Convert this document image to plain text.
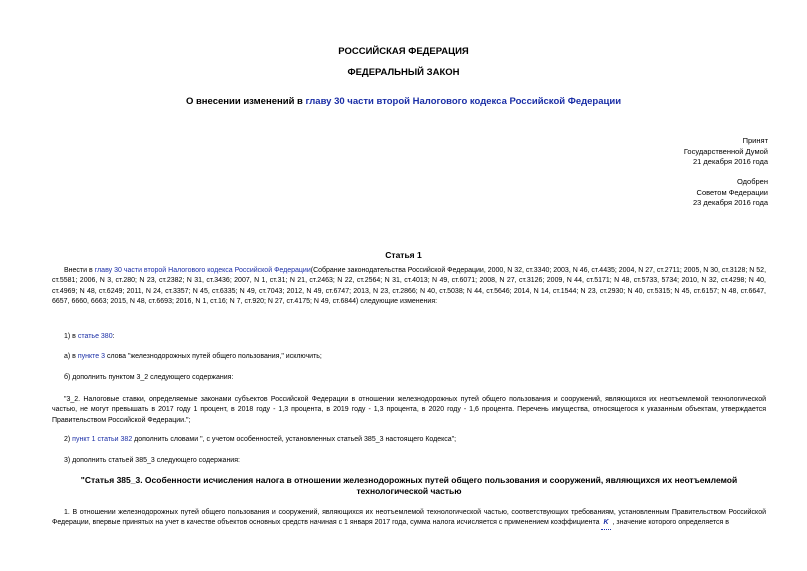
РОССИЙСКАЯ ФЕДЕРАЦИЯ
ФЕДЕРАЛЬНЫЙ ЗАКОН
О внесении изменений в главу 30 части второй Налогового кодекса Российской Федерации
Принят
Государственной Думой
21 декабря 2016 года
Одобрен
Советом Федерации
23 декабря 2016 года
Статья 1
Внести в главу 30 части второй Налогового кодекса Российской Федерации(Собрание законодательства Российской Федерации, 2000, N 32, ст.3340; 2003, N 46, ст.4435; 2004, N 27, ст.2711; 2005, N 30, ст.3128; N 52, ст.5581; 2006, N 3, ст.280; N 23, ст.2382; N 31, ст.3436; 2007, N 1, ст.31; N 21, ст.2463; N 22, ст.2564; N 31, ст.4013; N 49, ст.6071; 2008, N 27, ст.3126; 2009, N 44, ст.5171; N 48, ст.5733, 5734; 2010, N 32, ст.4298; N 40, ст.4969; N 48, ст.6249; 2011, N 24, ст.3357; N 45, ст.6335; N 49, ст.7043; 2012, N 49, ст.6747; 2013, N 23, ст.2866; N 40, ст.5038; N 44, ст.5646; 2014, N 14, ст.1544; N 23, ст.2930; N 40, ст.5315; N 45, ст.6157; N 48, ст.6647, 6657, 6660, 6663; 2015, N 48, ст.6693; 2016, N 1, ст.16; N 7, ст.920; N 27, ст.4175; N 49, ст.6844) следующие изменения:
1) в статье 380:
а) в пункте 3 слова "железнодорожных путей общего пользования," исключить;
б) дополнить пунктом 3_2 следующего содержания:
"3_2. Налоговые ставки, определяемые законами субъектов Российской Федерации в отношении железнодорожных путей общего пользования и сооружений, являющихся их неотъемлемой технологической частью, не могут превышать в 2017 году 1 процент, в 2018 году - 1,3 процента, в 2019 году - 1,3 процента, в 2020 году - 1,6 процента. Перечень имущества, относящегося к указанным объектам, утверждается Правительством Российской Федерации.";
2) пункт 1 статьи 382 дополнить словами ", с учетом особенностей, установленных статьей 385_3 настоящего Кодекса";
3) дополнить статьей 385_3 следующего содержания:
"Статья 385_3. Особенности исчисления налога в отношении железнодорожных путей общего пользования и сооружений, являющихся их неотъемлемой технологической частью
1. В отношении железнодорожных путей общего пользования и сооружений, являющихся их неотъемлемой технологической частью, соответствующих требованиям, установленным Правительством Российской Федерации, впервые принятых на учет в качестве объектов основных средств начиная с 1 января 2017 года, сумма налога исчисляется с применением коэффициента K , значение которого определяется в
